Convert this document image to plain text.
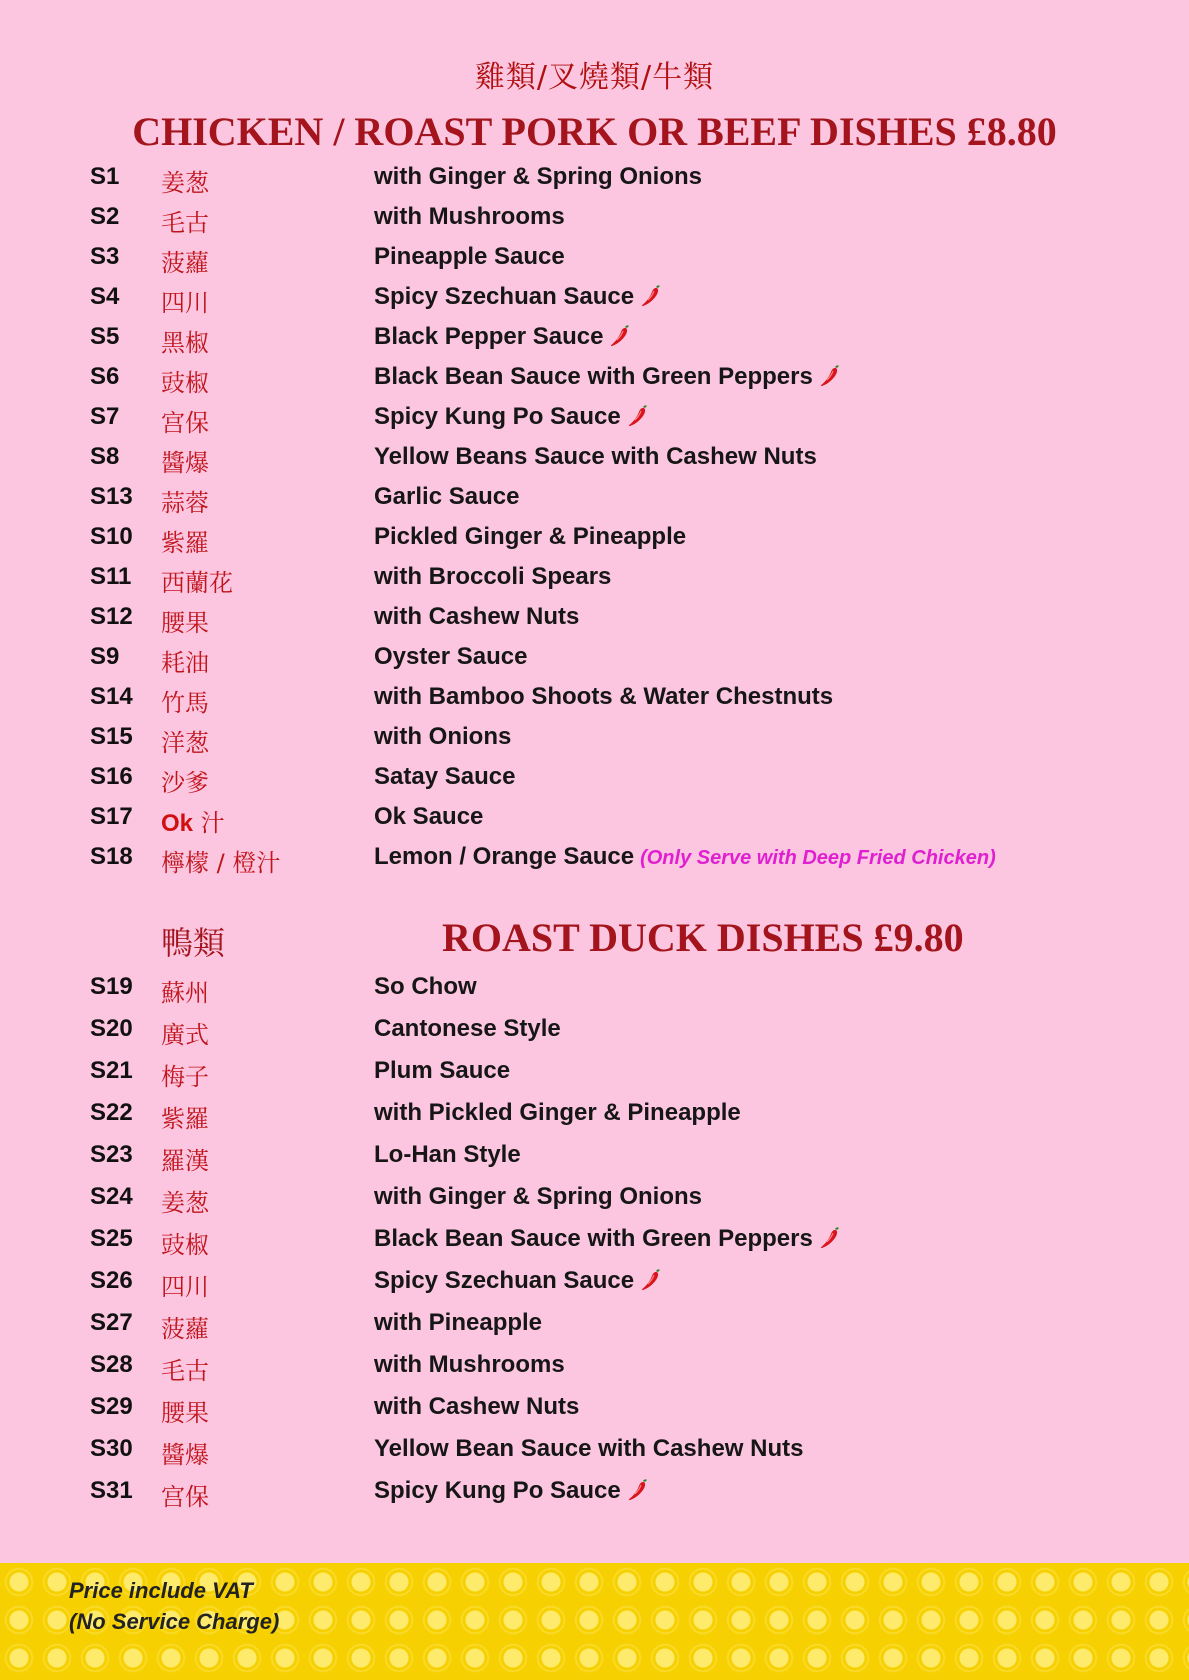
雞類/叉燒類/牛類
CHICKEN / ROAST PORK OR BEEF DISHES £8.80
S1 姜葱	with Ginger & Spring Onions
S2 毛古	with Mushrooms
S3 菠蘿	Pineapple Sauce
S4 四川	Spicy Szechuan Sauce
S5 黑椒	Black Pepper Sauce
S6 豉椒	Black Bean Sauce with Green Peppers
S7 宫保	Spicy Kung Po Sauce
S8 醬爆	Yellow Beans Sauce with Cashew Nuts
S13 蒜蓉	Garlic Sauce
S10 紫羅	Pickled Ginger & Pineapple
S11 西蘭花	with Broccoli Spears
S12 腰果	with Cashew Nuts
S9 耗油	Oyster Sauce
S14 竹馬	with Bamboo Shoots & Water Chestnuts
S15 洋葱	with Onions
S16 沙爹	Satay Sauce
S17 Ok 汁	Ok Sauce
S18 檸檬 / 橙汁	Lemon / Orange Sauce (Only Serve with Deep Fried Chicken)
鴨類	ROAST DUCK DISHES £9.80
S19 蘇州	So Chow
S20 廣式	Cantonese Style
S21 梅子	Plum Sauce
S22 紫羅	with Pickled Ginger & Pineapple
S23 羅漢	Lo-Han Style
S24 姜葱	with Ginger & Spring Onions
S25 豉椒	Black Bean Sauce with Green Peppers
S26 四川	Spicy Szechuan Sauce
S27 菠蘿	with Pineapple
S28 毛古	with Mushrooms
S29 腰果	with Cashew Nuts
S30 醬爆	Yellow Bean Sauce with Cashew Nuts
S31 宫保	Spicy Kung Po Sauce
Price include VAT
(No Service Charge)
